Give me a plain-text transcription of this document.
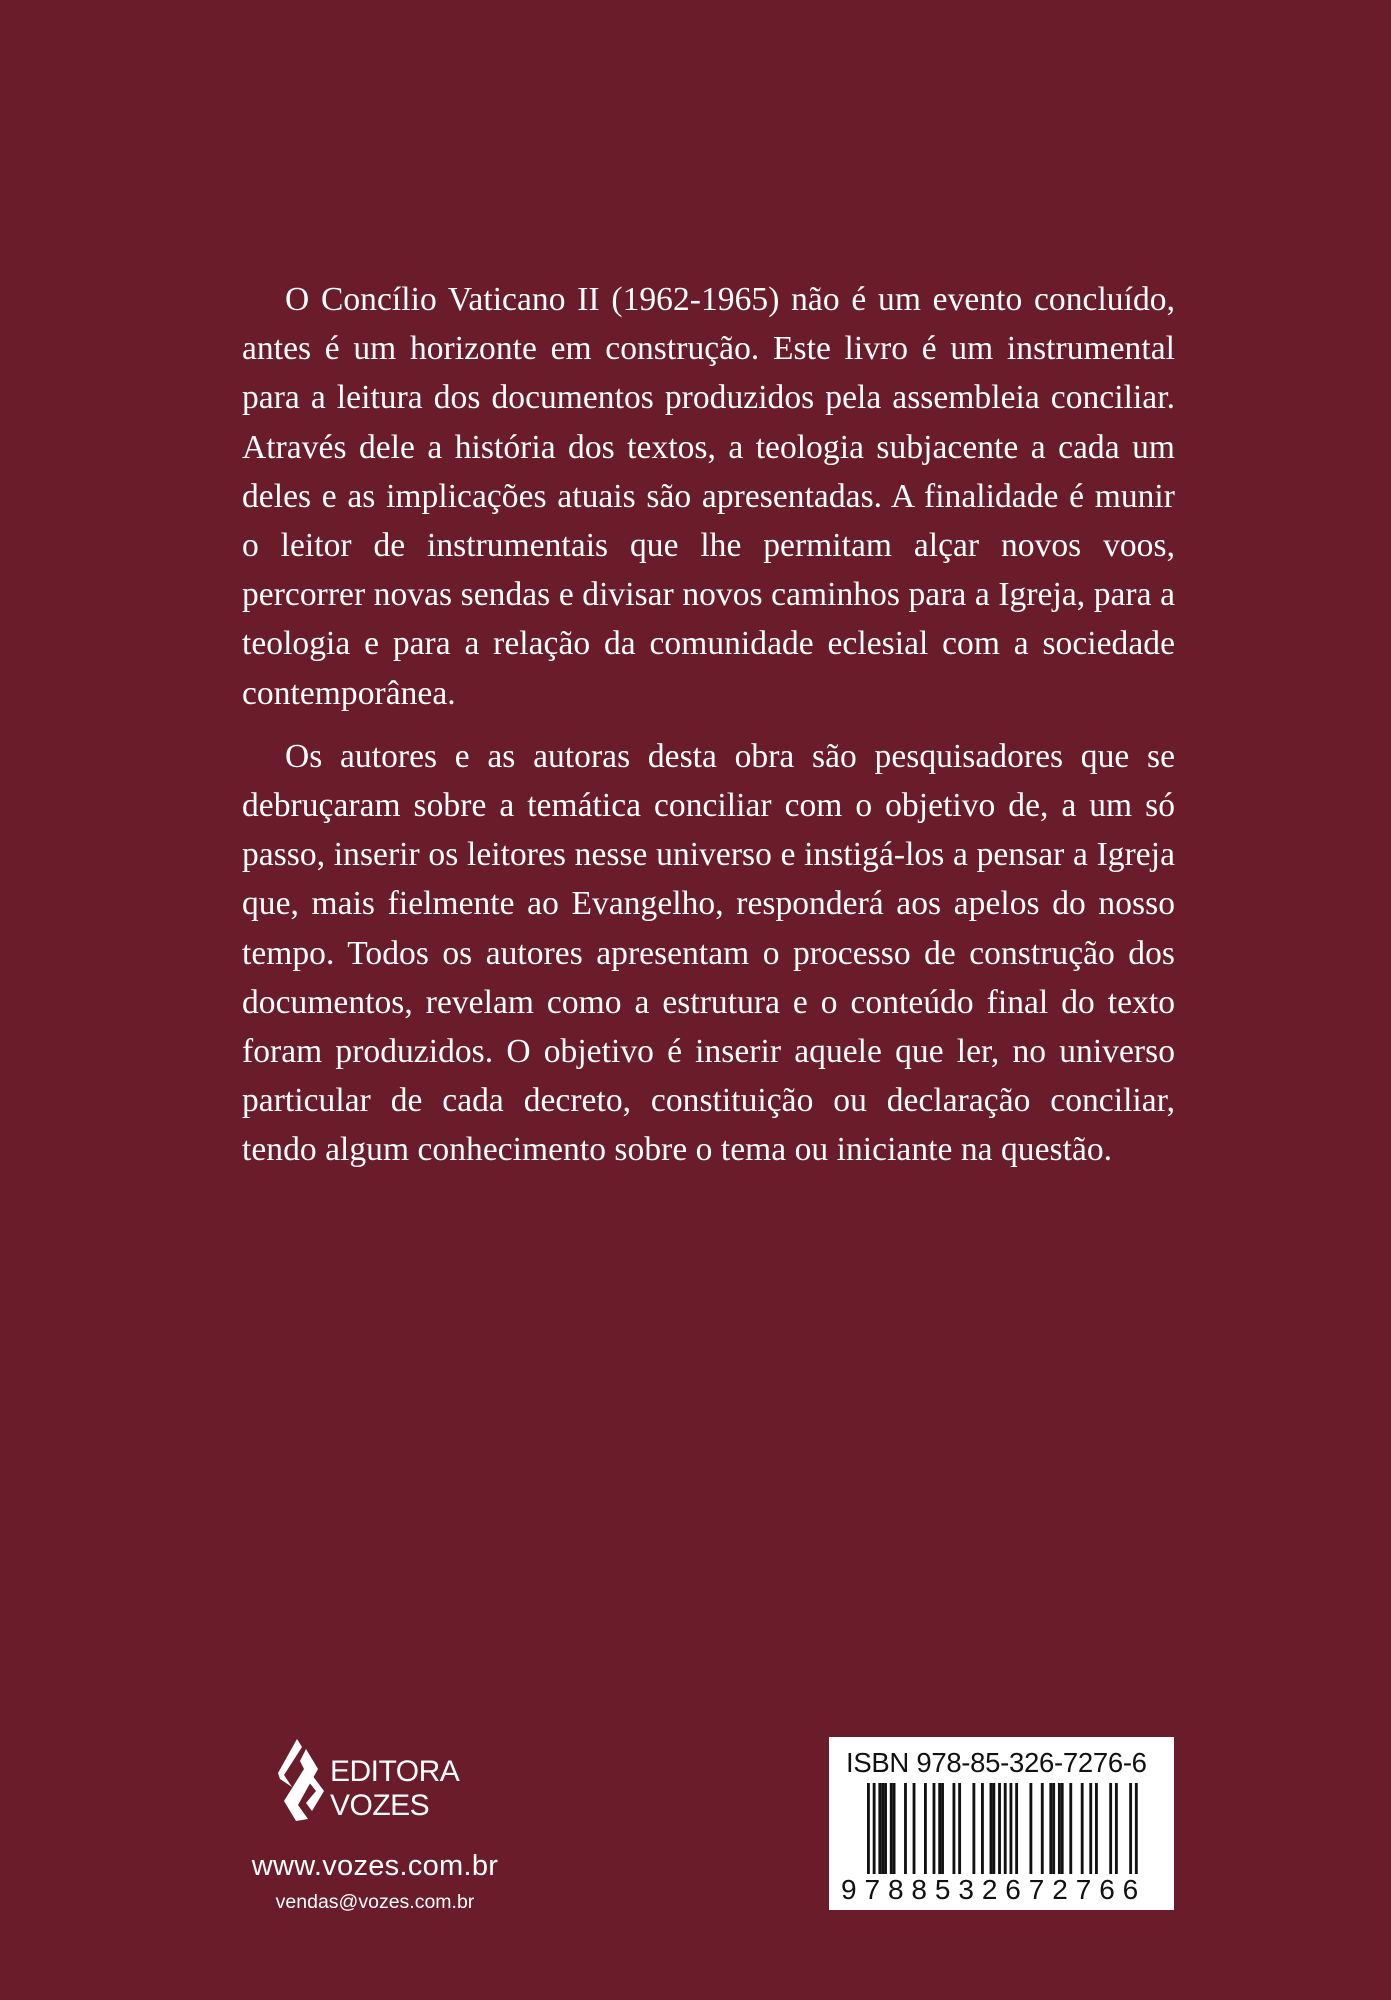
O Concílio Vaticano II (1962-1965) não é um evento concluído, antes é um horizonte em construção. Este livro é um instrumental para a leitura dos documentos produzidos pela assembleia conciliar. Através dele a história dos textos, a teologia subjacente a cada um deles e as implicações atuais são apresentadas. A finalidade é munir o leitor de instrumentais que lhe permitam alçar novos voos, percorrer novas sendas e divisar novos caminhos para a Igreja, para a teologia e para a relação da comunidade eclesial com a sociedade contemporânea.

Os autores e as autoras desta obra são pesquisadores que se debruçaram sobre a temática conciliar com o objetivo de, a um só passo, inserir os leitores nesse universo e instigá-los a pensar a Igreja que, mais fielmente ao Evangelho, responderá aos apelos do nosso tempo. Todos os autores apresentam o processo de construção dos documentos, revelam como a estrutura e o conteúdo final do texto foram produzidos. O objetivo é inserir aquele que ler, no universo particular de cada decreto, constituição ou declaração conciliar, tendo algum conhecimento sobre o tema ou iniciante na questão.

EDITORA
VOZES
www.vozes.com.br
vendas@vozes.com.br
ISBN 978-85-326-7276-6
9788532672766
